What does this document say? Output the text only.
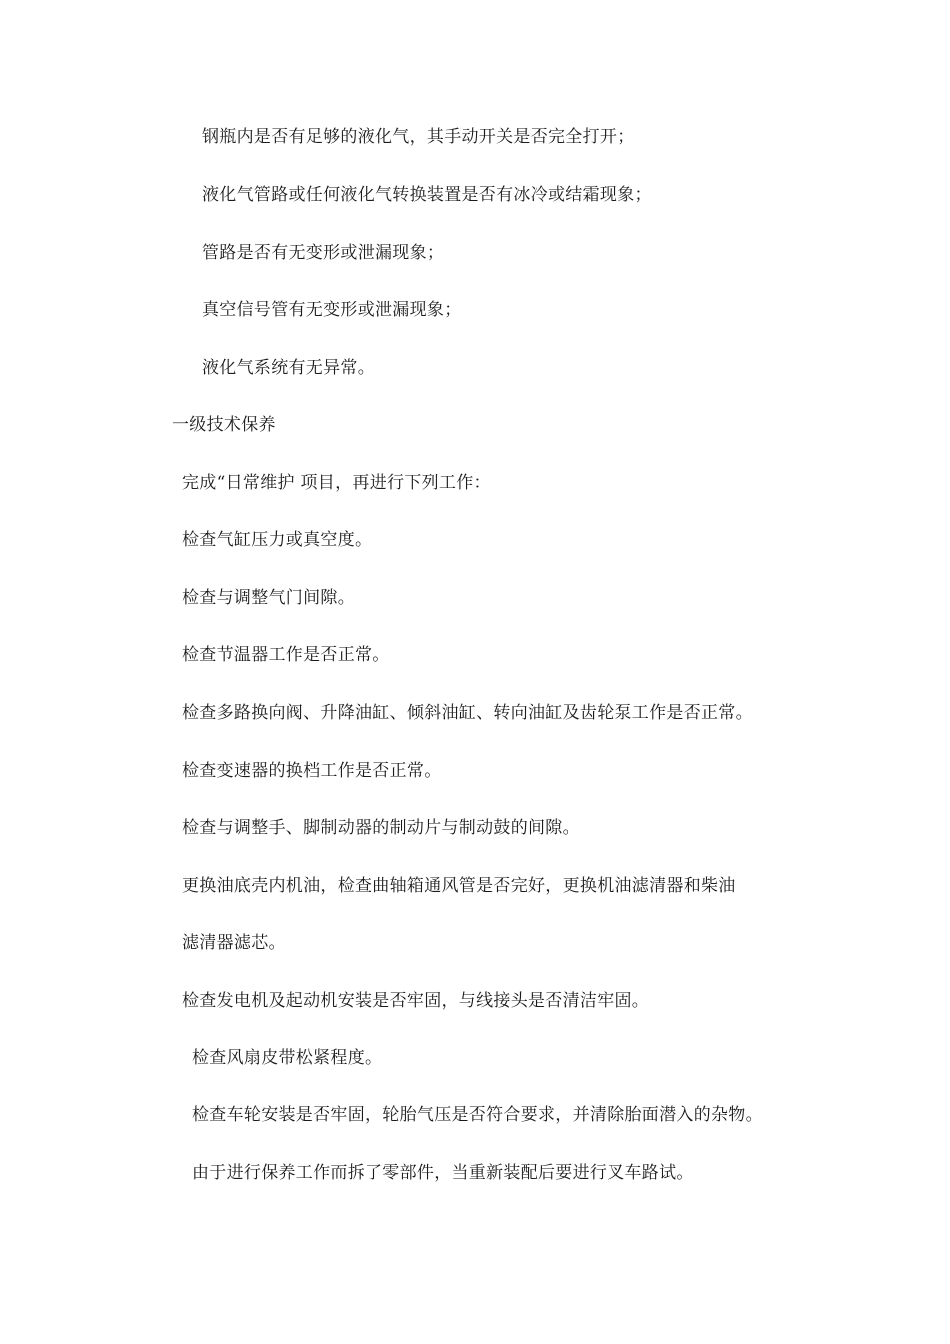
钢瓶内是否有足够的液化气，其手动开关是否完全打开；
液化气管路或任何液化气转换装置是否有冰冷或结霜现象；
管路是否有无变形或泄漏现象；
真空信号管有无变形或泄漏现象；
液化气系统有无异常。
一级技术保养
完成“日常维护 项目，再进行下列工作：
检查气缸压力或真空度。
检查与调整气门间隙。
检查节温器工作是否正常。
检查多路换向阀、升降油缸、倾斜油缸、转向油缸及齿轮泵工作是否正常。
检查变速器的换档工作是否正常。
检查与调整手、脚制动器的制动片与制动鼓的间隙。
更换油底壳内机油，检查曲轴箱通风管是否完好，更换机油滤清器和柴油
滤清器滤芯。
检查发电机及起动机安装是否牢固，与线接头是否清洁牢固。
检查风扇皮带松紧程度。
检查车轮安装是否牢固，轮胎气压是否符合要求，并清除胎面潜入的杂物。
由于进行保养工作而拆了零部件，当重新装配后要进行叉车路试。
